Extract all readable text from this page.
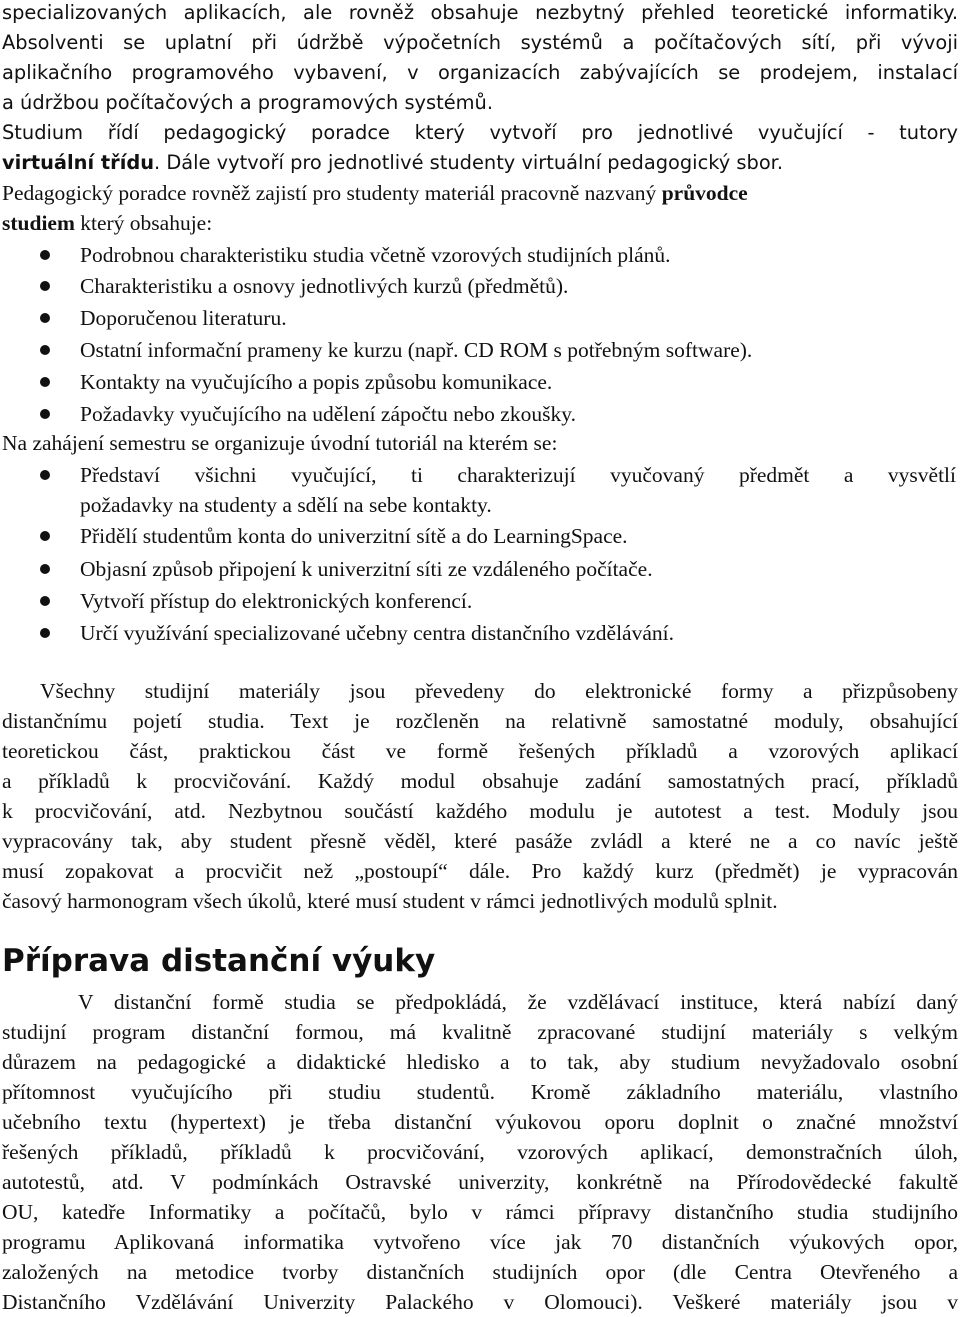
specializovaných aplikacích, ale rovněž obsahuje nezbytný přehled teoretické informatiky.
Absolventi se uplatní při údržbě výpočetních systémů a počítačových sítí, při vývoji
aplikačního programového vybavení, v organizacích zabývajících se prodejem, instalací
a údržbou počítačových a programových systémů.
Studium řídí pedagogický poradce který vytvoří pro jednotlivé vyučující - tutory
virtuální třídu. Dále vytvoří pro jednotlivé studenty virtuální pedagogický sbor.
Pedagogický poradce rovněž zajistí pro studenty materiál pracovně nazvaný průvodce
studiem který obsahuje:
Podrobnou charakteristiku studia včetně vzorových studijních plánů.
Charakteristiku a osnovy jednotlivých kurzů (předmětů).
Doporučenou literaturu.
Ostatní informační prameny ke kurzu (např. CD ROM s potřebným software).
Kontakty na vyučujícího a popis způsobu komunikace.
Požadavky vyučujícího na udělení zápočtu nebo zkoušky.
Na zahájení semestru se organizuje úvodní tutoriál na kterém se:
Představí všichni vyučující, ti charakterizují vyučovaný předmět a vysvětlí
požadavky na studenty a sdělí na sebe kontakty.
Přidělí studentům konta do univerzitní sítě a do LearningSpace.
Objasní způsob připojení k univerzitní síti ze vzdáleného počítače.
Vytvoří přístup do elektronických konferencí.
Určí využívání specializované učebny centra distančního vzdělávání.
Všechny studijní materiály jsou převedeny do elektronické formy a přizpůsobeny
distančnímu pojetí studia. Text je rozčleněn na relativně samostatné moduly, obsahující
teoretickou část, praktickou část ve formě řešených příkladů a vzorových aplikací
a příkladů k procvičování. Každý modul obsahuje zadání samostatných prací, příkladů
k procvičování, atd. Nezbytnou součástí každého modulu je autotest a test. Moduly jsou
vypracovány tak, aby student přesně věděl, které pasáže zvládl a které ne a co navíc ještě
musí zopakovat a procvičit než „postoupí“ dále. Pro každý kurz (předmět) je vypracován
časový harmonogram všech úkolů, které musí student v rámci jednotlivých modulů splnit.
Příprava distanční výuky
V distanční formě studia se předpokládá, že vzdělávací instituce, která nabízí daný
studijní program distanční formou, má kvalitně zpracované studijní materiály s velkým
důrazem na pedagogické a didaktické hledisko a to tak, aby studium nevyžadovalo osobní
přítomnost vyučujícího při studiu studentů. Kromě základního materiálu, vlastního
učebního textu (hypertext) je třeba distanční výukovou oporu doplnit o značné množství
řešených příkladů, příkladů k procvičování, vzorových aplikací, demonstračních úloh,
autotestů, atd. V podmínkách Ostravské univerzity, konkrétně na Přírodovědecké fakultě
OU, katedře Informatiky a počítačů, bylo v rámci přípravy distančního studia studijního
programu Aplikovaná informatika vytvořeno více jak 70 distančních výukových opor,
založených na metodice tvorby distančních studijních opor (dle Centra Otevřeného a
Distančního Vzdělávání Univerzity Palackého v Olomouci). Veškeré materiály jsou v
